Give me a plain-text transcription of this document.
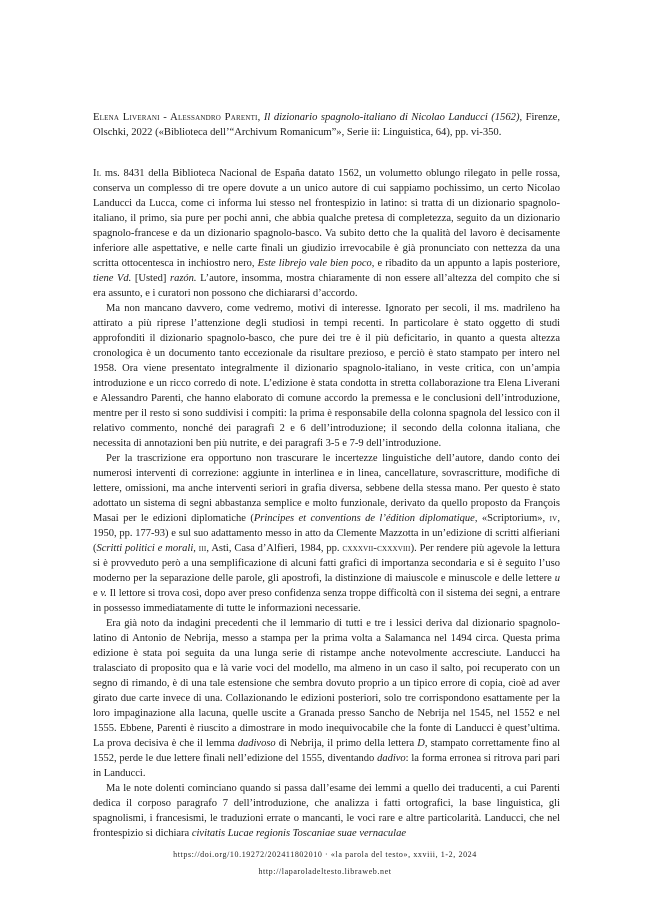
Elena Liverani - Alessandro Parenti, Il dizionario spagnolo-italiano di Nicolao Landucci (1562), Firenze, Olschki, 2022 («Biblioteca dell’“Archivum Romanicum”», Serie ii: Linguistica, 64), pp. vi-350.

Il ms. 8431 della Biblioteca Nacional de España datato 1562, un volumetto oblungo rilegato in pelle rossa, conserva un complesso di tre opere dovute a un unico autore di cui sappiamo pochissimo, un certo Nicolao Landucci da Lucca, come ci informa lui stesso nel frontespizio in latino: si tratta di un dizionario spagnolo-italiano, il primo, sia pure per pochi anni, che abbia qualche pretesa di completezza, seguito da un dizionario spagnolo-francese e da un dizionario spagnolo-basco. Va subito detto che la qualità del lavoro è decisamente inferiore alle aspettative, e nelle carte finali un giudizio irrevocabile è già pronunciato con nettezza da una scritta ottocentesca in inchiostro nero, Este librejo vale bien poco, e ribadito da un appunto a lapis posteriore, tiene Vd. [Usted] razón. L’autore, insomma, mostra chiaramente di non essere all’altezza del compito che si era assunto, e i curatori non possono che dichiararsi d’accordo.

Ma non mancano davvero, come vedremo, motivi di interesse. Ignorato per secoli, il ms. madrileno ha attirato a più riprese l’attenzione degli studiosi in tempi recenti. In particolare è stato oggetto di studi approfonditi il dizionario spagnolo-basco, che pure dei tre è il più deficitario, in quanto a questa altezza cronologica è un documento tanto eccezionale da risultare prezioso, e perciò è stato stampato per intero nel 1958. Ora viene presentato integralmente il dizionario spagnolo-italiano, in veste critica, con un’ampia introduzione e un ricco corredo di note. L’edizione è stata condotta in stretta collaborazione tra Elena Liverani e Alessandro Parenti, che hanno elaborato di comune accordo la premessa e le conclusioni dell’introduzione, mentre per il resto si sono suddivisi i compiti: la prima è responsabile della colonna spagnola del lessico con il relativo commento, nonché dei paragrafi 2 e 6 dell’introduzione; il secondo della colonna italiana, che necessita di annotazioni ben più nutrite, e dei paragrafi 3-5 e 7-9 dell’introduzione.

Per la trascrizione era opportuno non trascurare le incertezze linguistiche dell’autore, dando conto dei numerosi interventi di correzione: aggiunte in interlinea e in linea, cancellature, sovrascritture, modifiche di lettere, omissioni, ma anche interventi seriori in grafia diversa, sebbene della stessa mano. Per questo è stato adottato un sistema di segni abbastanza semplice e molto funzionale, derivato da quello proposto da François Masai per le edizioni diplomatiche (Principes et conventions de l’édition diplomatique, «Scriptorium», iv, 1950, pp. 177-93) e sul suo adattamento messo in atto da Clemente Mazzotta in un’edizione di scritti alfieriani (Scritti politici e morali, iii, Asti, Casa d’Alfieri, 1984, pp. cxxxvii-cxxxviii). Per rendere più agevole la lettura si è provveduto però a una semplificazione di alcuni fatti grafici di importanza secondaria e si è seguito l’uso moderno per la separazione delle parole, gli apostrofi, la distinzione di maiuscole e minuscole e delle lettere u e v. Il lettore si trova così, dopo aver preso confidenza senza troppe difficoltà con il sistema dei segni, a entrare in possesso immediatamente di tutte le informazioni necessarie.

Era già noto da indagini precedenti che il lemmario di tutti e tre i lessici deriva dal dizionario spagnolo-latino di Antonio de Nebrija, messo a stampa per la prima volta a Salamanca nel 1494 circa. Questa prima edizione è stata poi seguita da una lunga serie di ristampe anche notevolmente accresciute. Landucci ha tralasciato di proposito qua e là varie voci del modello, ma almeno in un caso il salto, poi recuperato con un segno di rimando, è di una tale estensione che sembra dovuto proprio a un tipico errore di copia, cioè ad aver girato due carte invece di una. Collazionando le edizioni posteriori, solo tre corrispondono esattamente per la loro impaginazione alla lacuna, quelle uscite a Granada presso Sancho de Nebrija nel 1545, nel 1552 e nel 1555. Ebbene, Parenti è riuscito a dimostrare in modo inequivocabile che la fonte di Landucci è quest’ultima. La prova decisiva è che il lemma dadivoso di Nebrija, il primo della lettera D, stampato correttamente fino al 1552, perde le due lettere finali nell’edizione del 1555, diventando dadivo: la forma erronea si ritrova pari pari in Landucci.

Ma le note dolenti cominciano quando si passa dall’esame dei lemmi a quello dei traducenti, a cui Parenti dedica il corposo paragrafo 7 dell’introduzione, che analizza i fatti ortografici, la base linguistica, gli spagnolismi, i francesismi, le traduzioni errate o mancanti, le voci rare e altre particolarità. Landucci, che nel frontespizio si dichiara civitatis Lucae regionis Toscaniae suae vernaculae

https://doi.org/10.19272/202411802010 · «la parola del testo», xxviii, 1-2, 2024
http://laparoladeltesto.libraweb.net
